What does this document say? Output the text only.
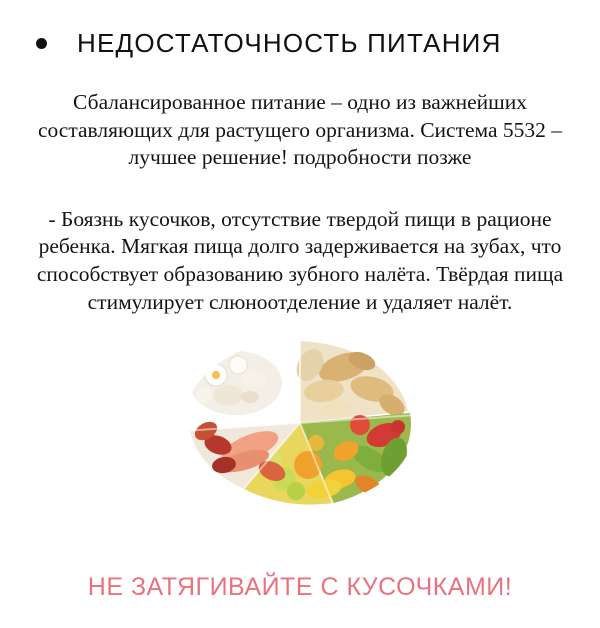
НЕДОСТАТОЧНОСТЬ ПИТАНИЯ
Сбалансированное питание – одно из важнейших составляющих для растущего организма. Система 5532 – лучшее решение! подробности позже
- Боязнь кусочков, отсутствие твердой пищи в рационе ребенка. Мягкая пища долго задерживается на зубах, что способствует образованию зубного налёта. Твёрдая пища стимулирует слюноотделение и удаляет налёт.
НЕ ЗАТЯГИВАЙТЕ С КУСОЧКАМИ!
